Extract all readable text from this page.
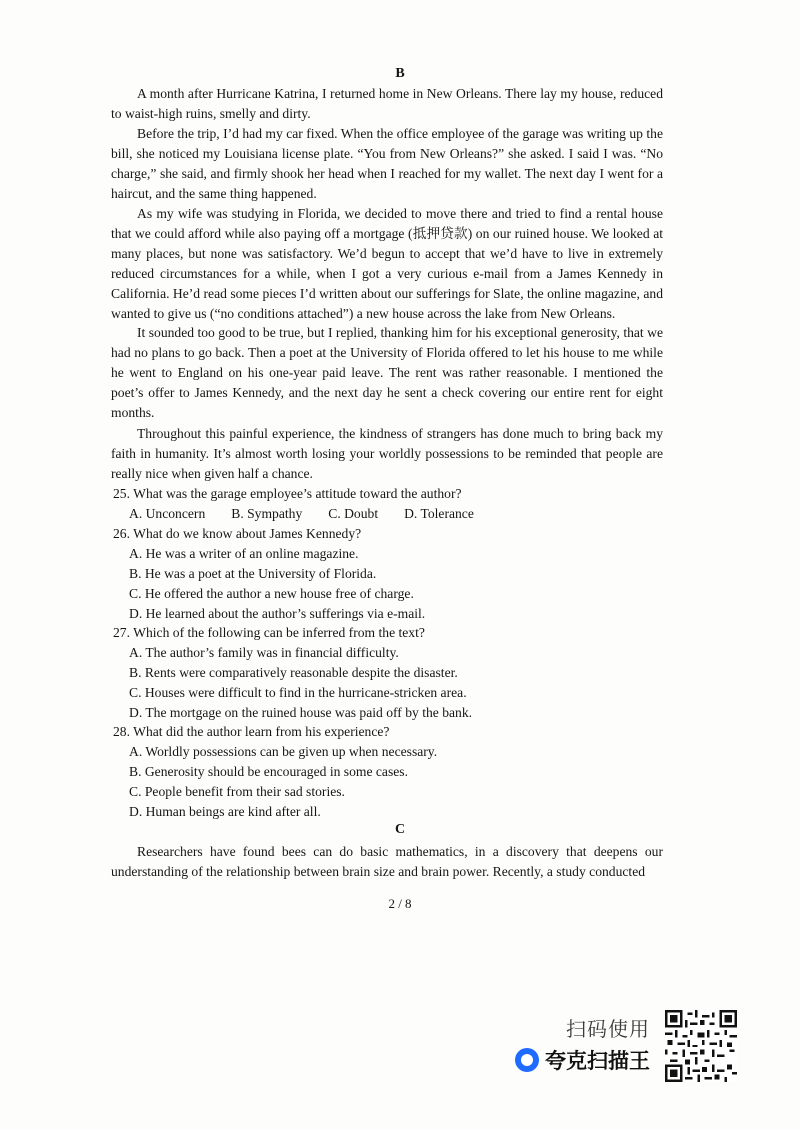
B

A month after Hurricane Katrina, I returned home in New Orleans. There lay my house, reduced to waist-high ruins, smelly and dirty.

Before the trip, I’d had my car fixed. When the office employee of the garage was writing up the bill, she noticed my Louisiana license plate. “You from New Orleans?” she asked. I said I was. “No charge,” she said, and firmly shook her head when I reached for my wallet. The next day I went for a haircut, and the same thing happened.

As my wife was studying in Florida, we decided to move there and tried to find a rental house that we could afford while also paying off a mortgage (抵押贷款) on our ruined house. We looked at many places, but none was satisfactory. We’d begun to accept that we’d have to live in extremely reduced circumstances for a while, when I got a very curious e-mail from a James Kennedy in California. He’d read some pieces I’d written about our sufferings for Slate, the online magazine, and wanted to give us (“no conditions attached”) a new house across the lake from New Orleans.

It sounded too good to be true, but I replied, thanking him for his exceptional generosity, that we had no plans to go back. Then a poet at the University of Florida offered to let his house to me while he went to England on his one-year paid leave. The rent was rather reasonable. I mentioned the poet’s offer to James Kennedy, and the next day he sent a check covering our entire rent for eight months.

Throughout this painful experience, the kindness of strangers has done much to bring back my faith in humanity. It’s almost worth losing your worldly possessions to be reminded that people are really nice when given half a chance.

25. What was the garage employee’s attitude toward the author?

A. Unconcern B. Sympathy C. Doubt D. Tolerance

26. What do we know about James Kennedy?

A. He was a writer of an online magazine.

B. He was a poet at the University of Florida.

C. He offered the author a new house free of charge.

D. He learned about the author’s sufferings via e-mail.

27. Which of the following can be inferred from the text?

A. The author’s family was in financial difficulty.

B. Rents were comparatively reasonable despite the disaster.

C. Houses were difficult to find in the hurricane-stricken area.

D. The mortgage on the ruined house was paid off by the bank.

28. What did the author learn from his experience?

A. Worldly possessions can be given up when necessary.

B. Generosity should be encouraged in some cases.

C. People benefit from their sad stories.

D. Human beings are kind after all.

C

Researchers have found bees can do basic mathematics, in a discovery that deepens our understanding of the relationship between brain size and brain power. Recently, a study conducted

2 / 8
扫码使用
夸克扫描王
